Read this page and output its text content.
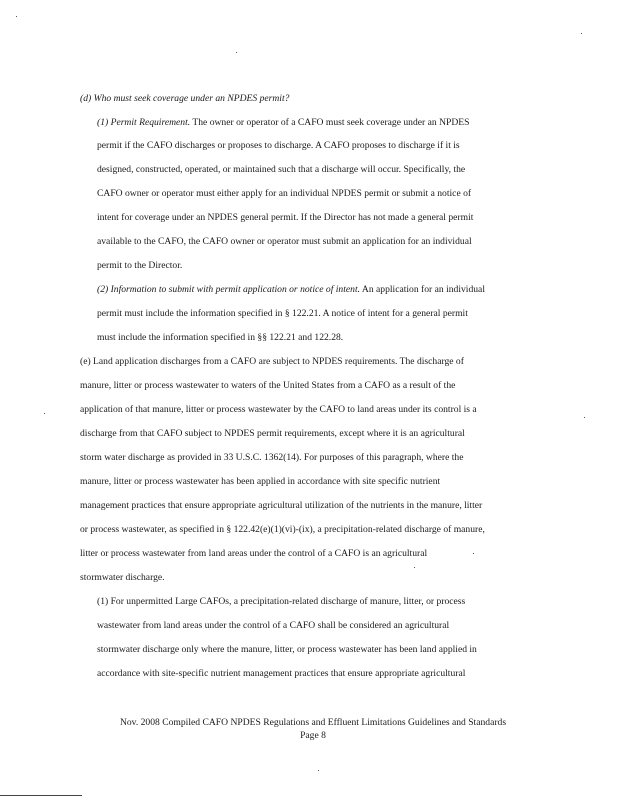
(d) Who must seek coverage under an NPDES permit?
(1) Permit Requirement. The owner or operator of a CAFO must seek coverage under an NPDES
permit if the CAFO discharges or proposes to discharge. A CAFO proposes to discharge if it is
designed, constructed, operated, or maintained such that a discharge will occur. Specifically, the
CAFO owner or operator must either apply for an individual NPDES permit or submit a notice of
intent for coverage under an NPDES general permit. If the Director has not made a general permit
available to the CAFO, the CAFO owner or operator must submit an application for an individual
permit to the Director.
(2) Information to submit with permit application or notice of intent. An application for an individual
permit must include the information specified in § 122.21. A notice of intent for a general permit
must include the information specified in §§ 122.21 and 122.28.
(e) Land application discharges from a CAFO are subject to NPDES requirements. The discharge of
manure, litter or process wastewater to waters of the United States from a CAFO as a result of the
application of that manure, litter or process wastewater by the CAFO to land areas under its control is a
discharge from that CAFO subject to NPDES permit requirements, except where it is an agricultural
storm water discharge as provided in 33 U.S.C. 1362(14). For purposes of this paragraph, where the
manure, litter or process wastewater has been applied in accordance with site specific nutrient
management practices that ensure appropriate agricultural utilization of the nutrients in the manure, litter
or process wastewater, as specified in § 122.42(e)(1)(vi)-(ix), a precipitation-related discharge of manure,
litter or process wastewater from land areas under the control of a CAFO is an agricultural
stormwater discharge.
(1) For unpermitted Large CAFOs, a precipitation-related discharge of manure, litter, or process
wastewater from land areas under the control of a CAFO shall be considered an agricultural
stormwater discharge only where the manure, litter, or process wastewater has been land applied in
accordance with site-specific nutrient management practices that ensure appropriate agricultural
Nov. 2008 Compiled CAFO NPDES Regulations and Effluent Limitations Guidelines and Standards
Page 8
